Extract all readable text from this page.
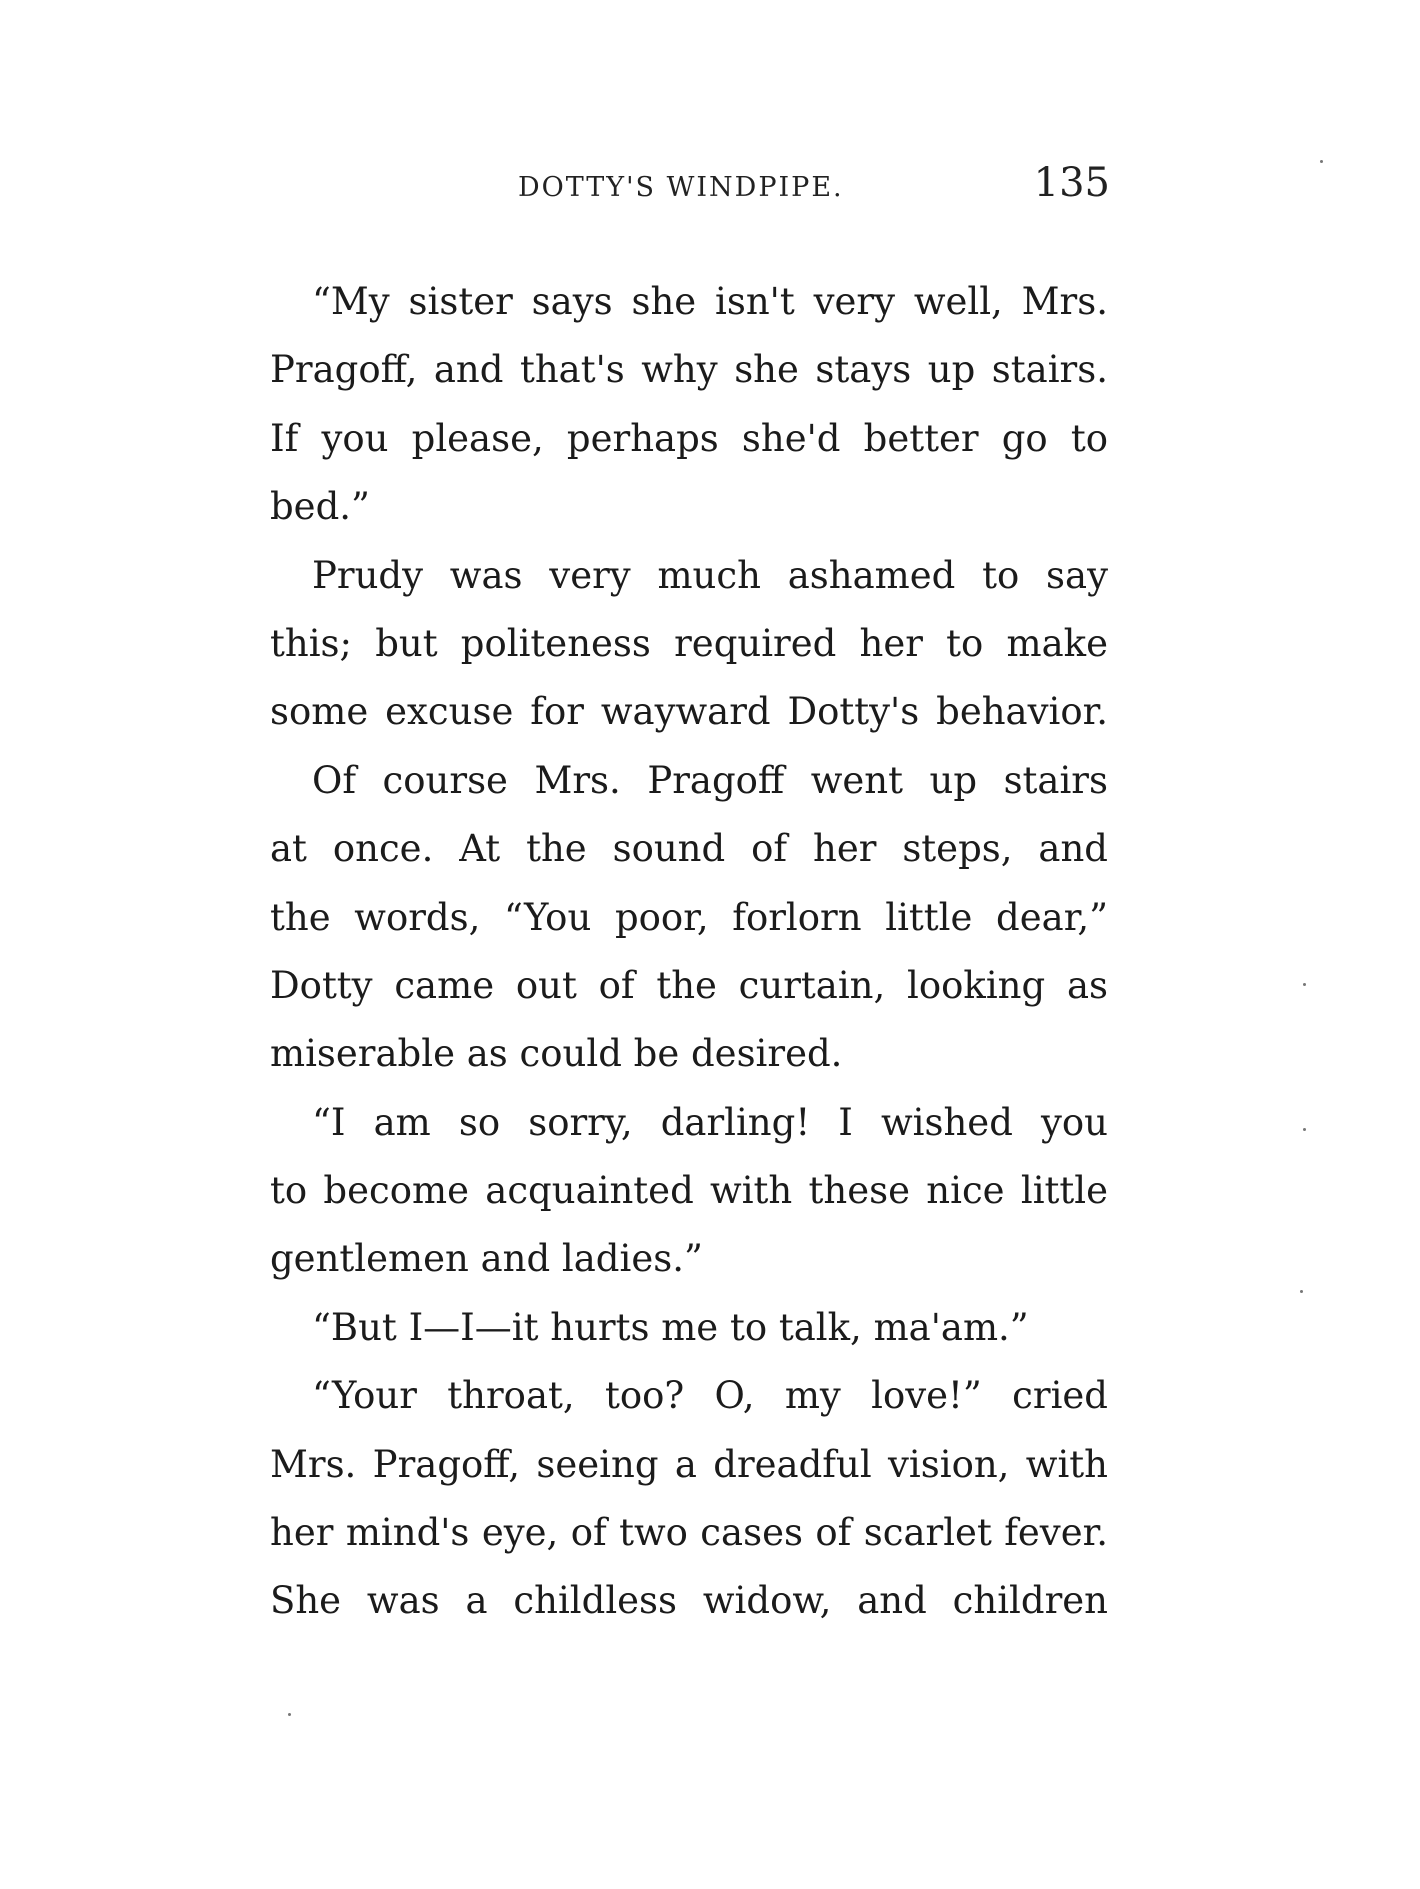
DOTTY'S WINDPIPE.	135
“My sister says she isn't very well, Mrs.
Pragoff, and that's why she stays up stairs.
If you please, perhaps she'd better go to
bed.”
Prudy was very much ashamed to say
this; but politeness required her to make
some excuse for wayward Dotty's behavior.
Of course Mrs. Pragoff went up stairs
at once. At the sound of her steps, and
the words, “You poor, forlorn little dear,”
Dotty came out of the curtain, looking as
miserable as could be desired.
“I am so sorry, darling! I wished you
to become acquainted with these nice little
gentlemen and ladies.”
“But I—I—it hurts me to talk, ma'am.”
“Your throat, too? O, my love!” cried
Mrs. Pragoff, seeing a dreadful vision, with
her mind's eye, of two cases of scarlet fever.
She was a childless widow, and children
